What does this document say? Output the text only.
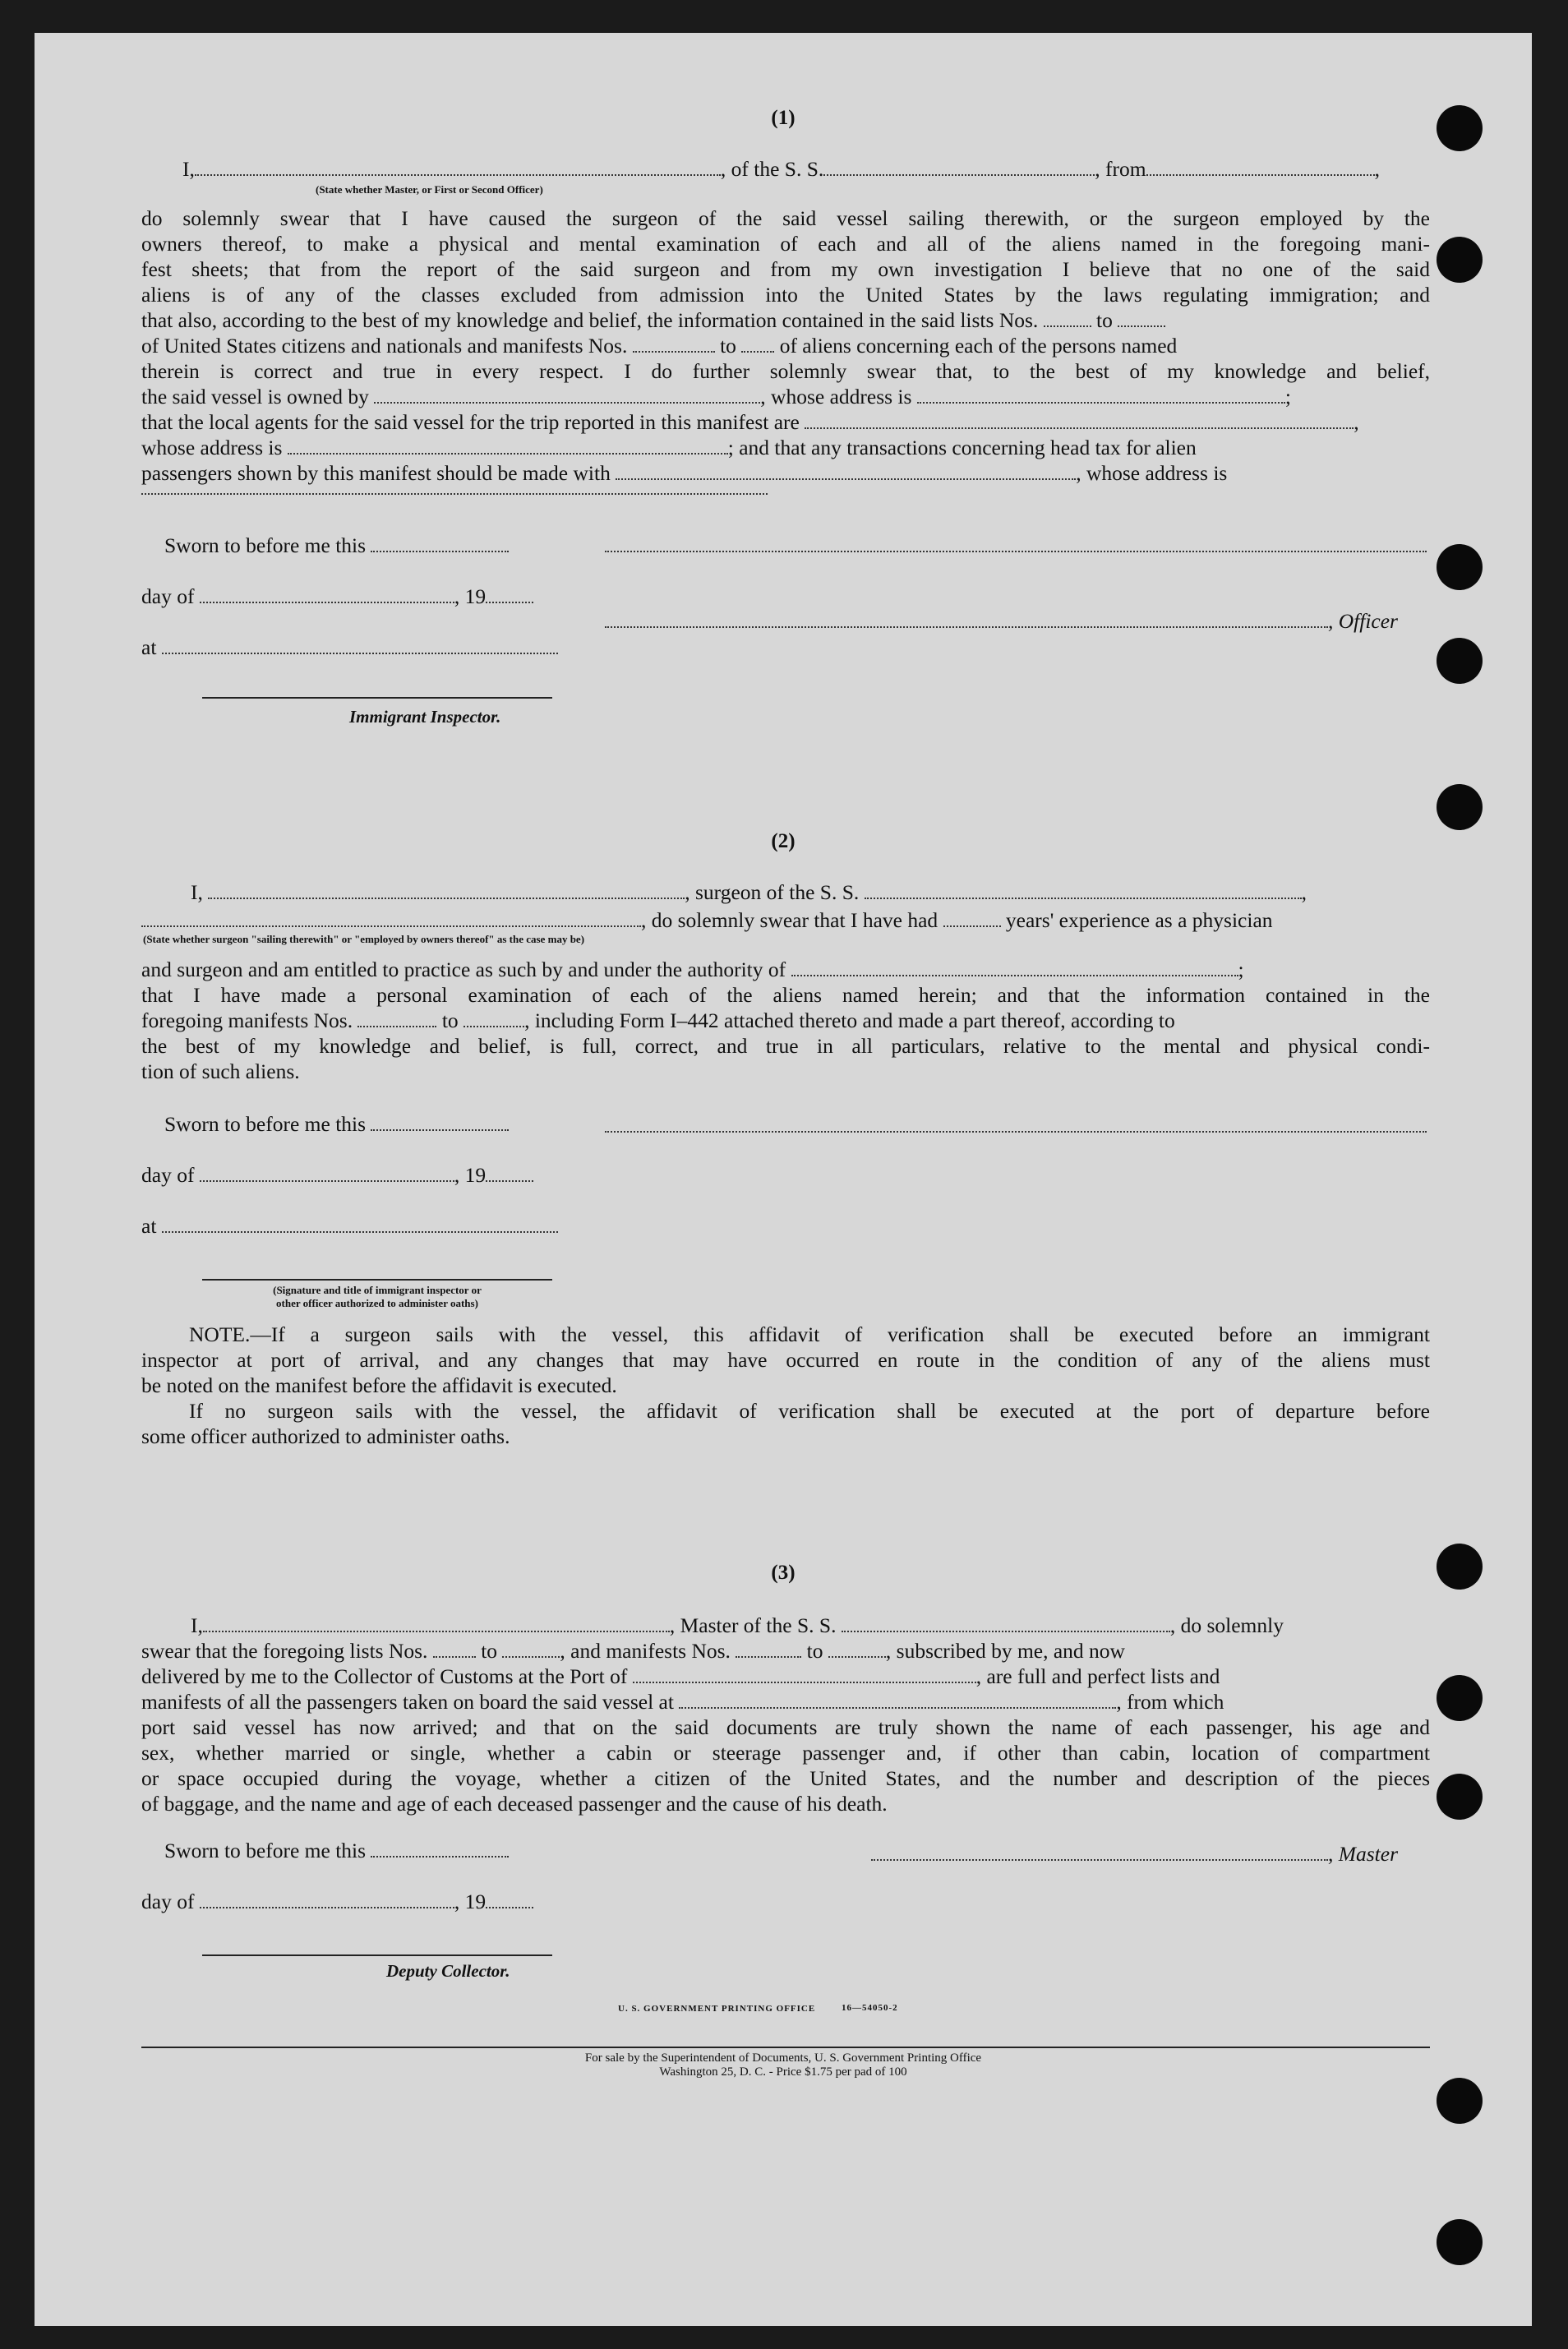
(1)
I,	, of the S. S.	, from	,
(State whether Master, or First or Second Officer)
do solemnly swear that I have caused the surgeon of the said vessel sailing therewith, or the surgeon employed by the
owners thereof, to make a physical and mental examination of each and all of the aliens named in the foregoing mani-
fest sheets; that from the report of the said surgeon and from my own investigation I believe that no one of the said
aliens is of any of the classes excluded from admission into the United States by the laws regulating immigration; and
that also, according to the best of my knowledge and belief, the information contained in the said lists Nos.	to
of United States citizens and nationals and manifests Nos.	to of aliens concerning each of the persons named
therein is correct and true in every respect. I do further solemnly swear that, to the best of my knowledge and belief,
the said vessel is owned by	, whose address is	;
that the local agents for the said vessel for the trip reported in this manifest are	,
whose address is	; and that any transactions concerning head tax for alien
passengers shown by this manifest should be made with	, whose address is
Sworn to before me this
day of	, 19
, Officer
at
Immigrant Inspector.
(2)
I,	, surgeon of the S. S.	,
, do solemnly swear that I have had	years' experience as a physician
(State whether surgeon "sailing therewith" or "employed by owners thereof" as the case may be)
and surgeon and am entitled to practice as such by and under the authority of	;
that I have made a personal examination of each of the aliens named herein; and that the information contained in the
foregoing manifests Nos.	to	, including Form I–442 attached thereto and made a part thereof, according to
the best of my knowledge and belief, is full, correct, and true in all particulars, relative to the mental and physical condi-
tion of such aliens.
Sworn to before me this
day of	, 19
at
(Signature and title of immigrant inspector or
other officer authorized to administer oaths)
NOTE.—If a surgeon sails with the vessel, this affidavit of verification shall be executed before an immigrant
inspector at port of arrival, and any changes that may have occurred en route in the condition of any of the aliens must
be noted on the manifest before the affidavit is executed.
If no surgeon sails with the vessel, the affidavit of verification shall be executed at the port of departure before
some officer authorized to administer oaths.
(3)
I,	, Master of the S. S.	, do solemnly
swear that the foregoing lists Nos.	to	, and manifests Nos.	to	, subscribed by me, and now
delivered by me to the Collector of Customs at the Port of	, are full and perfect lists and
manifests of all the passengers taken on board the said vessel at	, from which
port said vessel has now arrived; and that on the said documents are truly shown the name of each passenger, his age and
sex, whether married or single, whether a cabin or steerage passenger and, if other than cabin, location of compartment
or space occupied during the voyage, whether a citizen of the United States, and the number and description of the pieces
of baggage, and the name and age of each deceased passenger and the cause of his death.
Sworn to before me this	, Master
day of	, 19
Deputy Collector.
U. S. GOVERNMENT PRINTING OFFICE	16—54050-2
For sale by the Superintendent of Documents, U. S. Government Printing Office
Washington 25, D. C. - Price $1.75 per pad of 100
